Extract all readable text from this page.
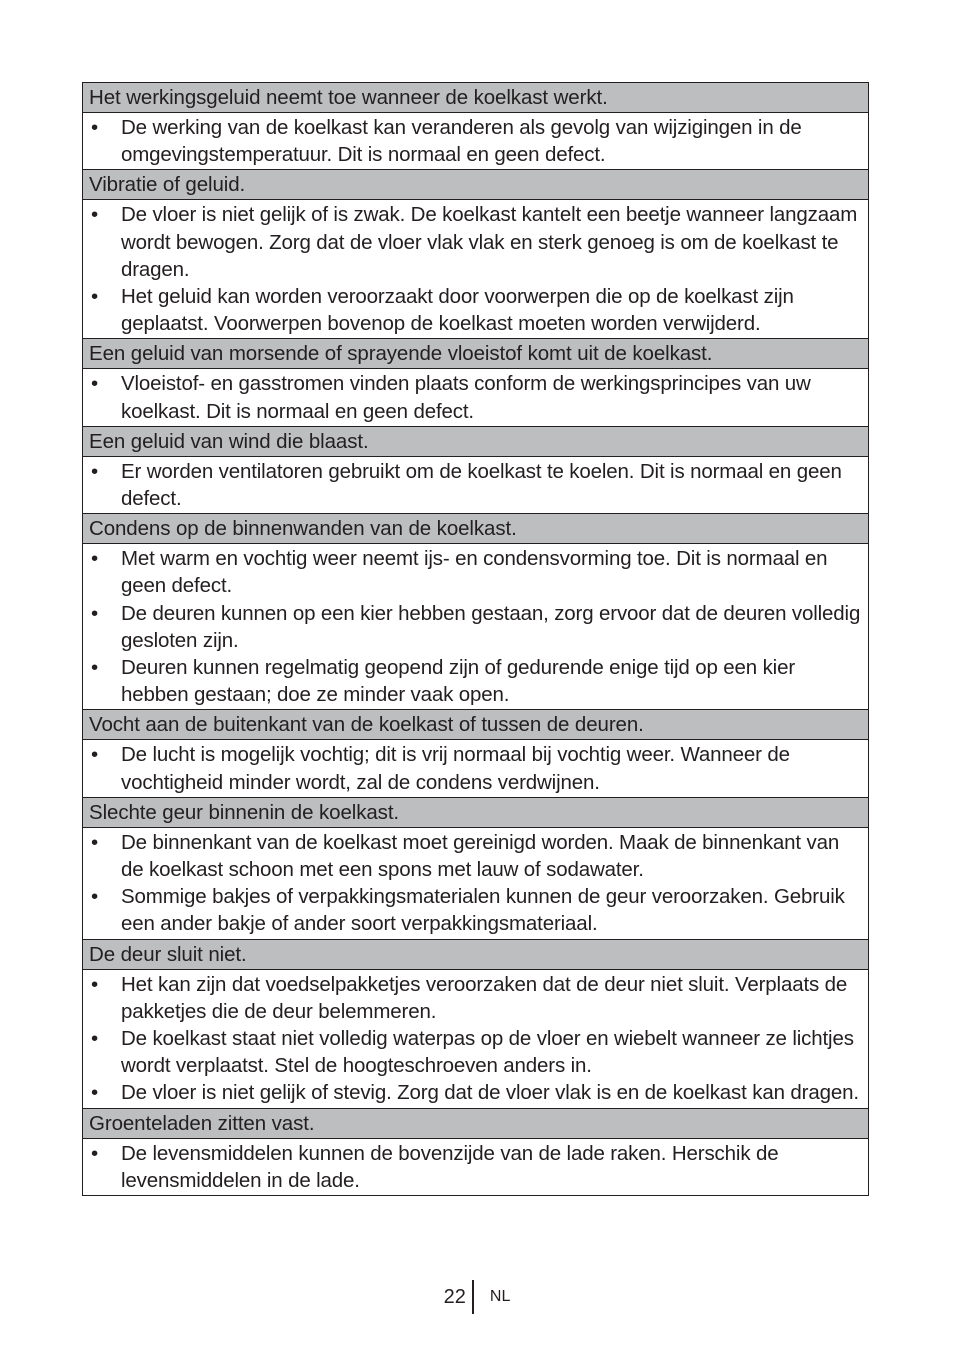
Het werkingsgeluid neemt toe wanneer de koelkast werkt.
•	De werking van de koelkast kan veranderen als gevolg van wijzigingen in de omgevingstemperatuur. Dit is normaal en geen defect.
Vibratie of geluid.
•	De vloer is niet gelijk of is zwak. De koelkast kantelt een beetje wanneer langzaam wordt bewogen. Zorg dat de vloer vlak vlak en sterk genoeg is om de koelkast te dragen.
•	Het geluid kan worden veroorzaakt door voorwerpen die op de koelkast zijn geplaatst. Voorwerpen bovenop de koelkast moeten worden verwijderd.
Een geluid van morsende of sprayende vloeistof komt uit de koelkast.
•	Vloeistof- en gasstromen vinden plaats conform de werkingsprincipes van uw koelkast. Dit is normaal en geen defect.
Een geluid van wind die blaast.
•	Er worden ventilatoren gebruikt om de koelkast te koelen. Dit is normaal en geen defect.
Condens op de binnenwanden van de koelkast.
•	Met warm en vochtig weer neemt ijs- en condensvorming toe. Dit is normaal en geen defect.
•	De deuren kunnen op een kier hebben gestaan, zorg ervoor dat de deuren volledig gesloten zijn.
•	Deuren kunnen regelmatig geopend zijn of gedurende enige tijd op een kier hebben gestaan; doe ze minder vaak open.
Vocht aan de buitenkant van de koelkast of tussen de deuren.
•	De lucht is mogelijk vochtig; dit is vrij normaal bij vochtig weer. Wanneer de vochtigheid minder wordt, zal de condens verdwijnen.
Slechte geur binnenin de koelkast.
•	De binnenkant van de koelkast moet gereinigd worden. Maak de binnenkant van de koelkast schoon met een spons met lauw of sodawater.
•	Sommige bakjes of verpakkingsmaterialen kunnen de geur veroorzaken. Gebruik een ander bakje of ander soort verpakkingsmateriaal.
De deur sluit niet.
•	Het kan zijn dat voedselpakketjes veroorzaken dat de deur niet sluit. Verplaats de pakketjes die de deur belemmeren.
•	De koelkast staat niet volledig waterpas op de vloer en wiebelt wanneer ze lichtjes wordt verplaatst. Stel de hoogteschroeven anders in.
•	De vloer is niet gelijk of stevig. Zorg dat de vloer vlak is en de koelkast kan dragen.
Groenteladen zitten vast.
•	De levensmiddelen kunnen de bovenzijde van de lade raken. Herschik de levensmiddelen in de lade.
22	NL
